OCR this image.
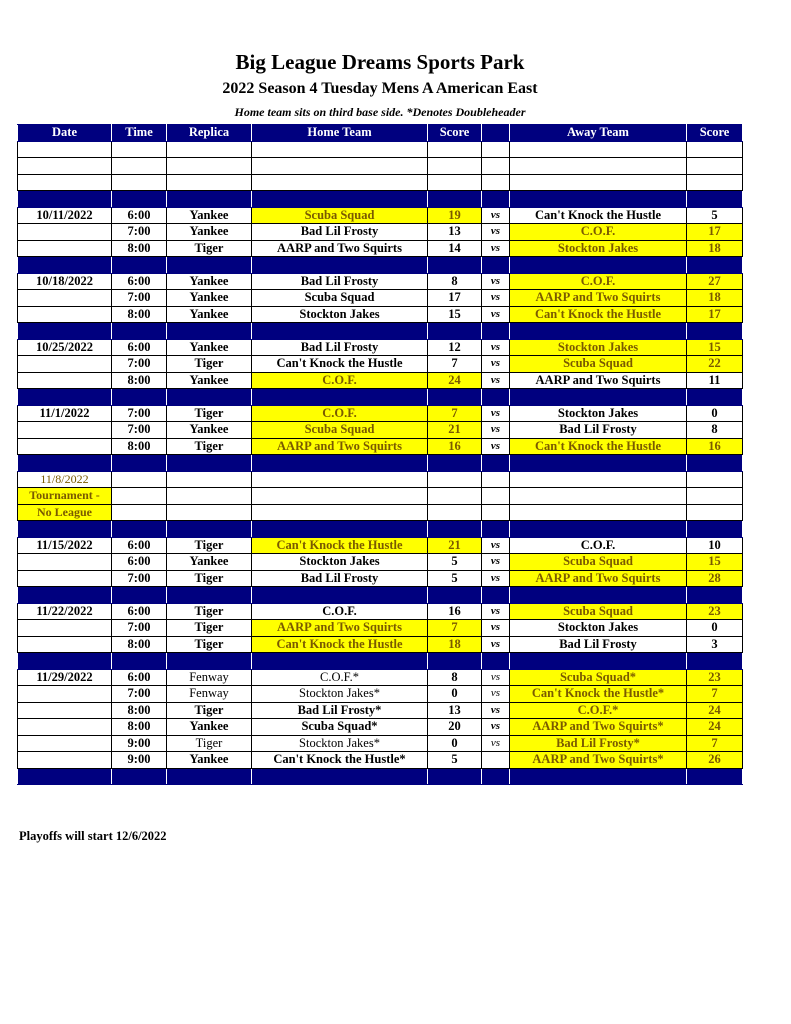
Big League Dreams Sports Park
2022 Season 4 Tuesday Mens A American East
Home team sits on third base side. *Denotes Doubleheader
Date	Time	Replica	Home Team	Score		Away Team	Score

10/11/2022	6:00	Yankee	Scuba Squad	19	vs	Can't Knock the Hustle	5
	7:00	Yankee	Bad Lil Frosty	13	vs	C.O.F.	17
	8:00	Tiger	AARP and Two Squirts	14	vs	Stockton Jakes	18

10/18/2022	6:00	Yankee	Bad Lil Frosty	8	vs	C.O.F.	27
	7:00	Yankee	Scuba Squad	17	vs	AARP and Two Squirts	18
	8:00	Yankee	Stockton Jakes	15	vs	Can't Knock the Hustle	17

10/25/2022	6:00	Yankee	Bad Lil Frosty	12	vs	Stockton Jakes	15
	7:00	Tiger	Can't Knock the Hustle	7	vs	Scuba Squad	22
	8:00	Yankee	C.O.F.	24	vs	AARP and Two Squirts	11

11/1/2022	7:00	Tiger	C.O.F.	7	vs	Stockton Jakes	0
	7:00	Yankee	Scuba Squad	21	vs	Bad Lil Frosty	8
	8:00	Tiger	AARP and Two Squirts	16	vs	Can't Knock the Hustle	16

11/8/2022							
Tournament -							
No League							

11/15/2022	6:00	Tiger	Can't Knock the Hustle	21	vs	C.O.F.	10
	6:00	Yankee	Stockton Jakes	5	vs	Scuba Squad	15
	7:00	Tiger	Bad Lil Frosty	5	vs	AARP and Two Squirts	28

11/22/2022	6:00	Tiger	C.O.F.	16	vs	Scuba Squad	23
	7:00	Tiger	AARP and Two Squirts	7	vs	Stockton Jakes	0
	8:00	Tiger	Can't Knock the Hustle	18	vs	Bad Lil Frosty	3

11/29/2022	6:00	Fenway	C.O.F.*	8	vs	Scuba Squad*	23
	7:00	Fenway	Stockton Jakes*	0	vs	Can't Knock the Hustle*	7
	8:00	Tiger	Bad Lil Frosty*	13	vs	C.O.F.*	24
	8:00	Yankee	Scuba Squad*	20	vs	AARP and Two Squirts*	24
	9:00	Tiger	Stockton Jakes*	0	vs	Bad Lil Frosty*	7
	9:00	Yankee	Can't Knock the Hustle*	5		AARP and Two Squirts*	26

Playoffs will start 12/6/2022
